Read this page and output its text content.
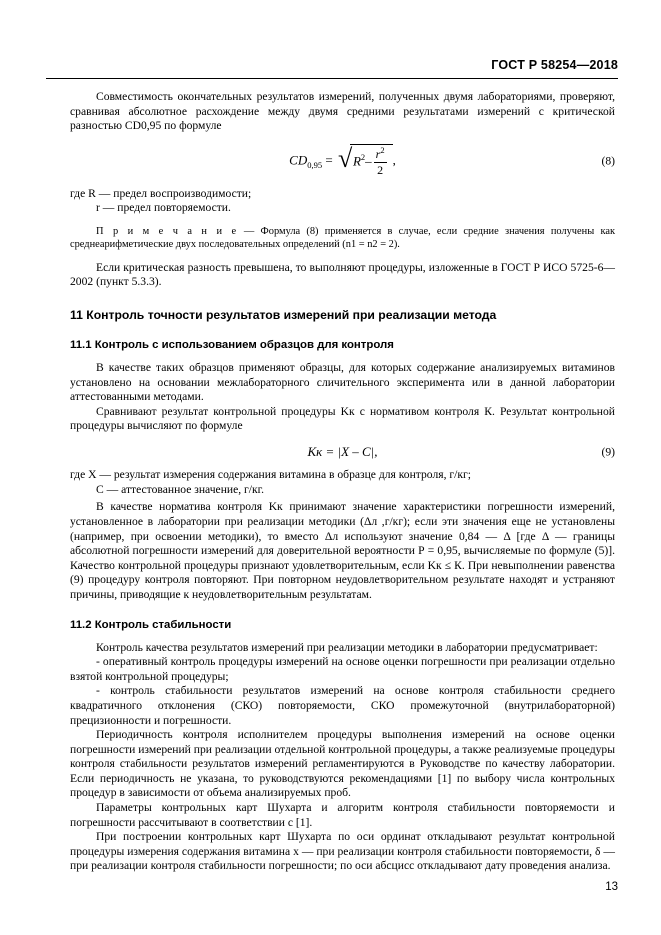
ГОСТ Р 58254—2018

Совместимость окончательных результатов измерений, полученных двумя лабораториями, проверяют, сравнивая абсолютное расхождение между двумя средними результатами измерений с критической разностью CD0,95 по формуле

$CD_{0,95}$ = √ $R^2- \frac{r^2}{2}$ ,	(8)

где R — предел воспроизводимости;

r — предел повторяемости.

П р и м е ч а н и е — Формула (8) применяется в случае, если средние значения получены как среднеарифметические двух последовательных определений (n1 = n2 = 2).

Если критическая разность превышена, то выполняют процедуры, изложенные в ГОСТ Р ИСО 5725-6—2002 (пункт 5.3.3).

11 Контроль точности результатов измерений при реализации метода
11.1 Контроль с использованием образцов для контроля

В качестве таких образцов применяют образцы, для которых содержание анализируемых витаминов установлено на основании межлабораторного сличительного эксперимента или в данной лаборатории аттестованными методами.

Сравнивают результат контрольной процедуры Kк с нормативом контроля К. Результат контрольной процедуры вычисляют по формуле

Kк = |X – C|,	(9)

где X — результат измерения содержания витамина в образце для контроля, г/кг;

C — аттестованное значение, г/кг.

В качестве норматива контроля Kк принимают значение характеристики погрешности измерений, установленное в лаборатории при реализации методики (Δл ,г/кг); если эти значения еще не установлены (например, при освоении методики), то вместо Δл используют значение 0,84 — Δ [где Δ — границы абсолютной погрешности измерений для доверительной вероятности Р = 0,95, вычисляемые по формуле (5)]. Качество контрольной процедуры признают удовлетворительным, если Kк ≤ К. При невыполнении равенства (9) процедуру контроля повторяют. При повторном неудовлетворительном результате находят и устраняют причины, приводящие к неудовлетворительным результатам.

11.2 Контроль стабильности

Контроль качества результатов измерений при реализации методики в лаборатории предусматривает:

- оперативный контроль процедуры измерений на основе оценки погрешности при реализации отдельно взятой контрольной процедуры;

- контроль стабильности результатов измерений на основе контроля стабильности среднего квадратичного отклонения (СКО) повторяемости, СКО промежуточной (внутрилабораторной) прецизионности и погрешности.

Периодичность контроля исполнителем процедуры выполнения измерений на основе оценки погрешности измерений при реализации отдельной контрольной процедуры, а также реализуемые процедуры контроля стабильности результатов измерений регламентируются в Руководстве по качеству лаборатории. Если периодичность не указана, то руководствуются рекомендациями [1] по выбору числа контрольных процедур в зависимости от объема анализируемых проб.

Параметры контрольных карт Шухарта и алгоритм контроля стабильности повторяемости и погрешности рассчитывают в соответствии с [1].

При построении контрольных карт Шухарта по оси ординат откладывают результат контрольной процедуры измерения содержания витамина x — при реализации контроля стабильности повторяемости, δ — при реализации контроля стабильности погрешности; по оси абсцисс откладывают дату проведения анализа.

13
